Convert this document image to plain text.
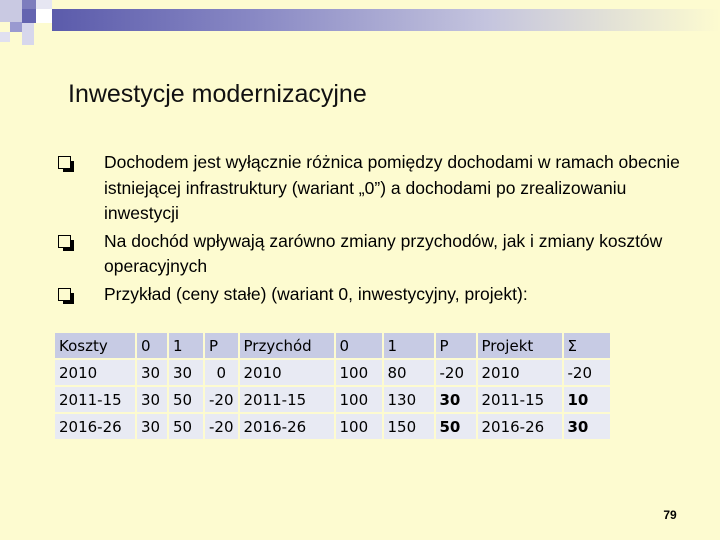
Inwestycje modernizacyjne
Dochodem jest wyłącznie różnica pomiędzy dochodami w ramach obecnie istniejącej infrastruktury (wariant „0”) a dochodami po zrealizowaniu inwestycji
Na dochód wpływają zarówno zmiany przychodów, jak i zmiany kosztów operacyjnych
Przykład (ceny stałe) (wariant 0, inwestycyjny, projekt):
Koszty	0	1	P	Przychód	0	1	P	Projekt	Σ
2010	30	30	0	2010	100	80	-20	2010	-20
2011-15	30	50	-20	2011-15	100	130	30	2011-15	10
2016-26	30	50	-20	2016-26	100	150	50	2016-26	30
79
